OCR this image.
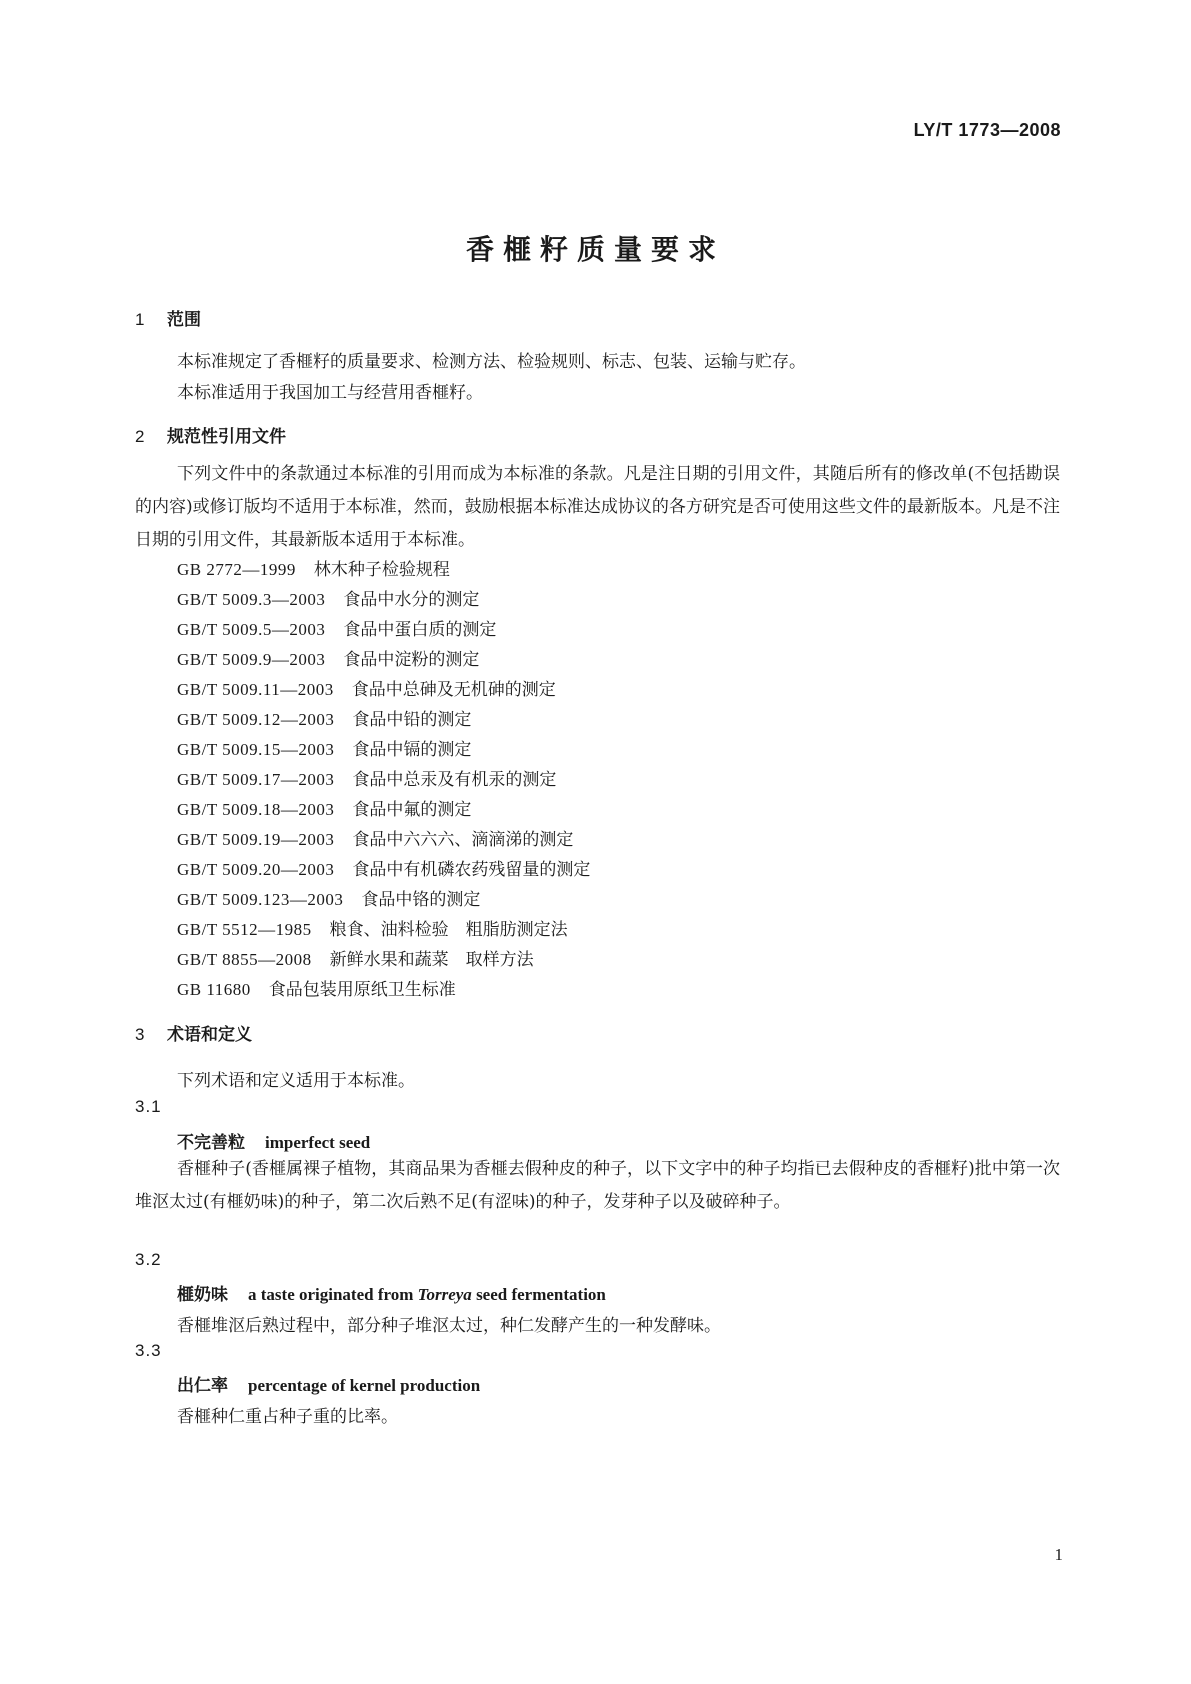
LY/T 1773—2008
香榧籽质量要求
1 范围
本标准规定了香榧籽的质量要求、检测方法、检验规则、标志、包装、运输与贮存。
本标准适用于我国加工与经营用香榧籽。
2 规范性引用文件
下列文件中的条款通过本标准的引用而成为本标准的条款。凡是注日期的引用文件，其随后所有的修改单(不包括勘误的内容)或修订版均不适用于本标准，然而，鼓励根据本标准达成协议的各方研究是否可使用这些文件的最新版本。凡是不注日期的引用文件，其最新版本适用于本标准。
GB 2772—1999 林木种子检验规程
GB/T 5009.3—2003 食品中水分的测定
GB/T 5009.5—2003 食品中蛋白质的测定
GB/T 5009.9—2003 食品中淀粉的测定
GB/T 5009.11—2003 食品中总砷及无机砷的测定
GB/T 5009.12—2003 食品中铅的测定
GB/T 5009.15—2003 食品中镉的测定
GB/T 5009.17—2003 食品中总汞及有机汞的测定
GB/T 5009.18—2003 食品中氟的测定
GB/T 5009.19—2003 食品中六六六、滴滴涕的测定
GB/T 5009.20—2003 食品中有机磷农药残留量的测定
GB/T 5009.123—2003 食品中铬的测定
GB/T 5512—1985 粮食、油料检验　粗脂肪测定法
GB/T 8855—2008 新鲜水果和蔬菜　取样方法
GB 11680 食品包装用原纸卫生标准
3 术语和定义
下列术语和定义适用于本标准。
3.1
不完善粒 imperfect seed
香榧种子(香榧属裸子植物，其商品果为香榧去假种皮的种子，以下文字中的种子均指已去假种皮的香榧籽)批中第一次堆沤太过(有榧奶味)的种子，第二次后熟不足(有涩味)的种子，发芽种子以及破碎种子。
3.2
榧奶味 a taste originated from Torreya seed fermentation
香榧堆沤后熟过程中，部分种子堆沤太过，种仁发酵产生的一种发酵味。
3.3
出仁率 percentage of kernel production
香榧种仁重占种子重的比率。
1
